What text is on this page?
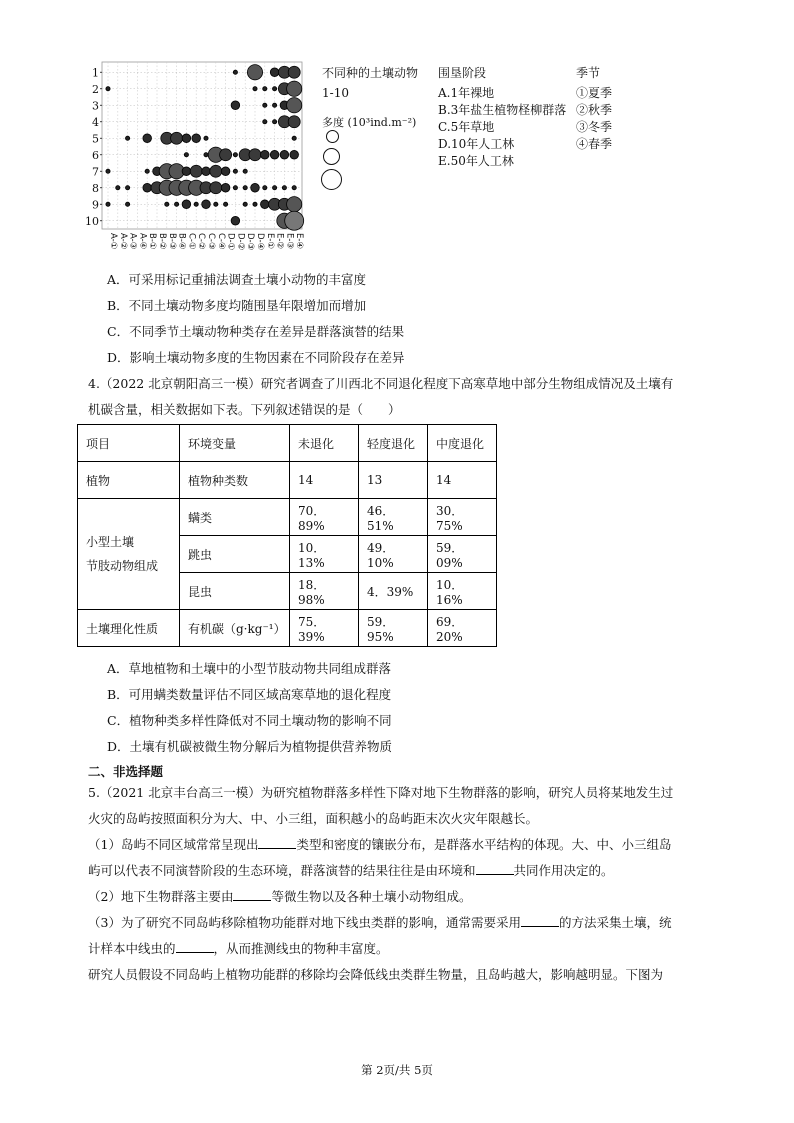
1
2
3
4
5
6
7
8
9
10
A-① A-② A-③ A-④ B-① B-② B-③ B-④ C-① C-② C-③ C-④ D-① D-② D-③ D-④ E-① E-② E-③ E-④
不同种的土壤动物
1-10
多度 (10³ind.m⁻²)
围垦阶段
A.1年裸地
B.3年盐生植物柽柳群落
C.5年草地
D.10年人工林
E.50年人工林
季节
①夏季
②秋季
③冬季
④春季
A．可采用标记重捕法调查土壤小动物的丰富度
B．不同土壤动物多度均随围垦年限增加而增加
C．不同季节土壤动物种类存在差异是群落演替的结果
D．影响土壤动物多度的生物因素在不同阶段存在差异
4.（2022 北京朝阳高三一模）研究者调查了川西北不同退化程度下高寒草地中部分生物组成情况及土壤有
机碳含量，相关数据如下表。下列叙述错误的是（　　）
项目	环境变量	未退化	轻度退化	中度退化
植物	植物种类数	14	13	14

小型土壤
节肢动物组成	螨类	70．89%	46．51%	30．75%
	跳虫	10．13%	49．10%	59．09%
	昆虫	18．98%	4．39%	10．16%
土壤理化性质	有机碳（g·kg⁻¹）	75．39%	59．95%	69．20%
A．草地植物和土壤中的小型节肢动物共同组成群落
B．可用螨类数量评估不同区域高寒草地的退化程度
C．植物种类多样性降低对不同土壤动物的影响不同
D．土壤有机碳被微生物分解后为植物提供营养物质
二、非选择题
5.（2021 北京丰台高三一模）为研究植物群落多样性下降对地下生物群落的影响，研究人员将某地发生过
火灾的岛屿按照面积分为大、中、小三组，面积越小的岛屿距末次火灾年限越长。
（1）岛屿不同区域常常呈现出	类型和密度的镶嵌分布，是群落水平结构的体现。大、中、小三组岛
屿可以代表不同演替阶段的生态环境，群落演替的结果往往是由环境和	共同作用决定的。
（2）地下生物群落主要由	等微生物以及各种土壤小动物组成。
（3）为了研究不同岛屿移除植物功能群对地下线虫类群的影响，通常需要采用	的方法采集土壤，统
计样本中线虫的	，从而推测线虫的物种丰富度。
研究人员假设不同岛屿上植物功能群的移除均会降低线虫类群生物量，且岛屿越大，影响越明显。下图为
第 2页/共 5页
